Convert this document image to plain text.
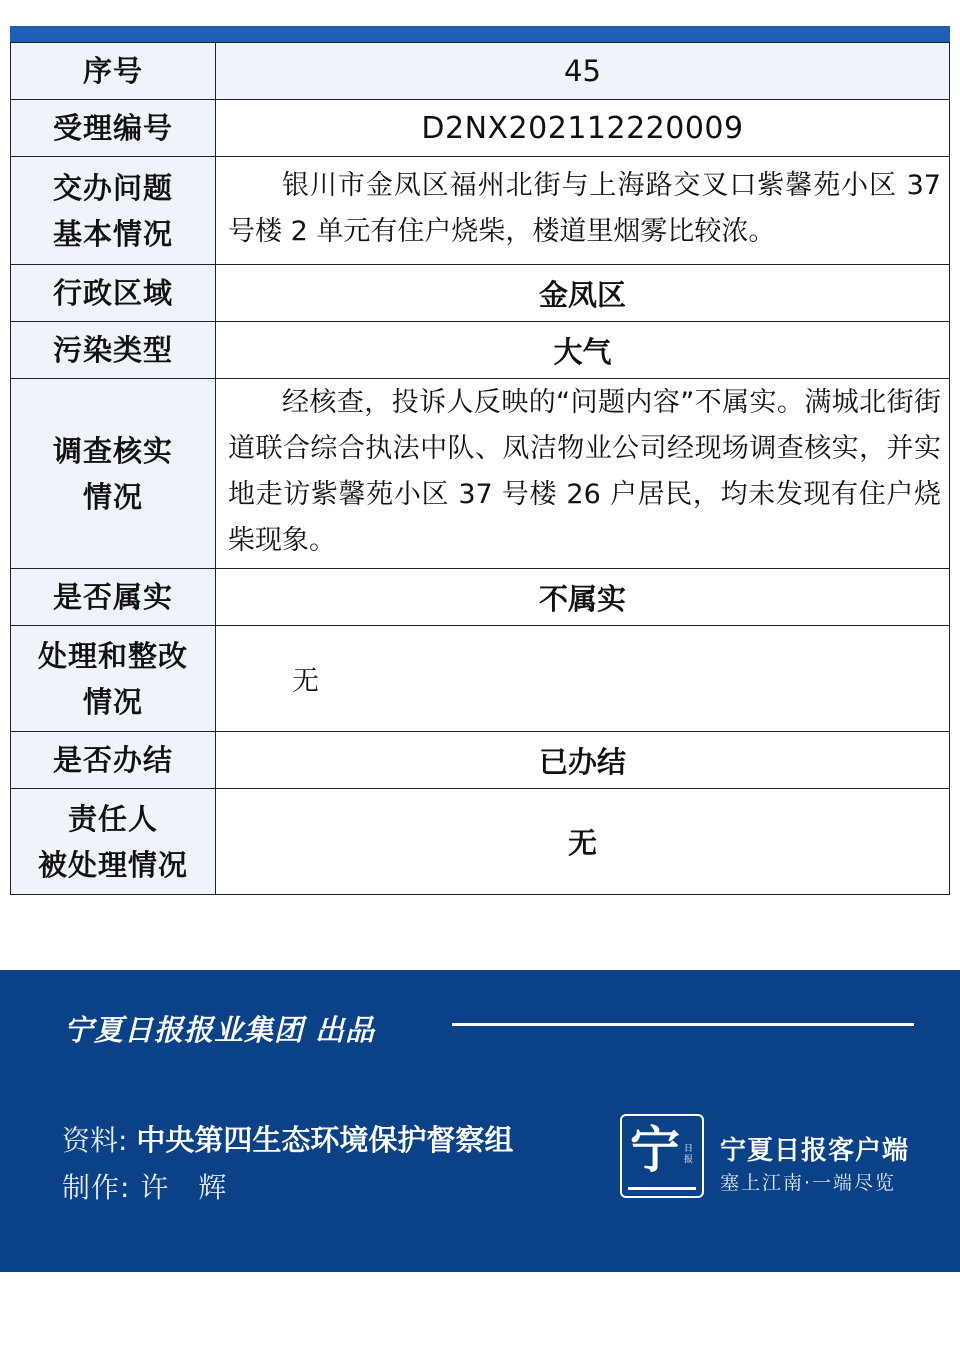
序号	45
受理编号	D2NX202112220009

交办问题
基本情况	银川市金凤区福州北街与上海路交叉口紫馨苑小区 37 号楼 2 单元有住户烧柴，楼道里烟雾比较浓。
行政区域	金凤区
污染类型	大气

调查核实
情况	经核查，投诉人反映的“问题内容”不属实。满城北街街道联合综合执法中队、凤洁物业公司经现场调查核实，并实地走访紫馨苑小区 37 号楼 26 户居民，均未发现有住户烧柴现象。
是否属实	不属实

处理和整改
情况	无
是否办结	已办结

责任人
被处理情况	无
宁夏日报报业集团 出品
资料: 中央第四生态环境保护督察组
制作: 许　辉
宁 日报 宁夏日报客户端
塞上江南·一端尽览
